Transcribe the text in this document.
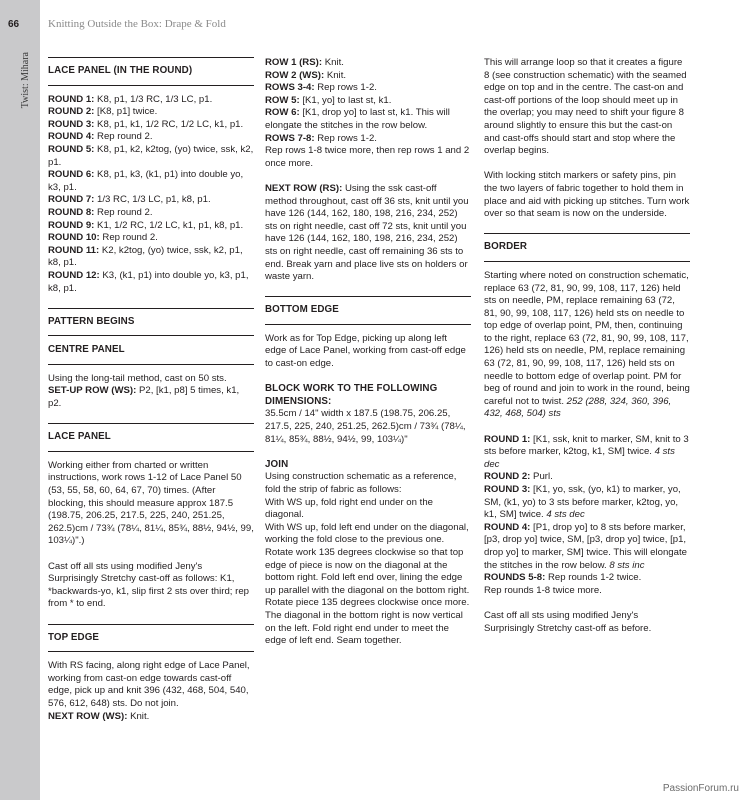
66
Twist: Mihara
Knitting Outside the Box: Drape & Fold
LACE PANEL (IN THE ROUND)

ROUND 1: K8, p1, 1/3 RC, 1/3 LC, p1.
ROUND 2: [K8, p1] twice.
ROUND 3: K8, p1, k1, 1/2 RC, 1/2 LC, k1, p1.
ROUND 4: Rep round 2.
ROUND 5: K8, p1, k2, k2tog, (yo) twice, ssk, k2, p1.
ROUND 6: K8, p1, k3, (k1, p1) into double yo, k3, p1.
ROUND 7: 1/3 RC, 1/3 LC, p1, k8, p1.
ROUND 8: Rep round 2.
ROUND 9: K1, 1/2 RC, 1/2 LC, k1, p1, k8, p1.
ROUND 10: Rep round 2.
ROUND 11: K2, k2tog, (yo) twice, ssk, k2, p1, k8, p1.
ROUND 12: K3, (k1, p1) into double yo, k3, p1, k8, p1.

PATTERN BEGINS
CENTRE PANEL

Using the long-tail method, cast on 50 sts.
SET-UP ROW (WS): P2, [k1, p8] 5 times, k1, p2.

LACE PANEL

Working either from charted or written instructions, work rows 1-12 of Lace Panel 50 (53, 55, 58, 60, 64, 67, 70) times. (After blocking, this should measure approx 187.5 (198.75, 206.25, 217.5, 225, 240, 251.25, 262.5)cm / 73¾ (78¼, 81¼, 85¾, 88½, 94½, 99, 103¼)".)

Cast off all sts using modified Jeny's Surprisingly Stretchy cast-off as follows: K1, *backwards-yo, k1, slip first 2 sts over third; rep from * to end.

TOP EDGE

With RS facing, along right edge of Lace Panel, working from cast-on edge towards cast-off edge, pick up and knit 396 (432, 468, 504, 540, 576, 612, 648) sts. Do not join.

NEXT ROW (WS): Knit.

ROW 1 (RS): Knit.
ROW 2 (WS): Knit.
ROWS 3-4: Rep rows 1-2.
ROW 5: [K1, yo] to last st, k1.
ROW 6: [K1, drop yo] to last st, k1. This will elongate the stitches in the row below.
ROWS 7-8: Rep rows 1-2.
Rep rows 1-8 twice more, then rep rows 1 and 2 once more.

NEXT ROW (RS): Using the ssk cast-off method throughout, cast off 36 sts, knit until you have 126 (144, 162, 180, 198, 216, 234, 252) sts on right needle, cast off 72 sts, knit until you have 126 (144, 162, 180, 198, 216, 234, 252) sts on right needle, cast off remaining 36 sts to end. Break yarn and place live sts on holders or waste yarn.

BOTTOM EDGE

Work as for Top Edge, picking up along left edge of Lace Panel, working from cast-off edge to cast-on edge.

BLOCK WORK TO THE FOLLOWING DIMENSIONS:

35.5cm / 14" width x 187.5 (198.75, 206.25, 217.5, 225, 240, 251.25, 262.5)cm / 73¾ (78¼, 81¼, 85¾, 88½, 94½, 99, 103¼)"

JOIN

Using construction schematic as a reference, fold the strip of fabric as follows:
With WS up, fold right end under on the diagonal.
With WS up, fold left end under on the diagonal, working the fold close to the previous one.
Rotate work 135 degrees clockwise so that top edge of piece is now on the diagonal at the bottom right. Fold left end over, lining the edge up parallel with the diagonal on the bottom right.
Rotate piece 135 degrees clockwise once more. The diagonal in the bottom right is now vertical on the left. Fold right end under to meet the edge of left end. Seam together.

This will arrange loop so that it creates a figure 8 (see construction schematic) with the seamed edge on top and in the centre. The cast-on and cast-off portions of the loop should meet up in the overlap; you may need to shift your figure 8 around slightly to ensure this but the cast-on and cast-offs should start and stop where the overlap begins.

With locking stitch markers or safety pins, pin the two layers of fabric together to hold them in place and aid with picking up stitches. Turn work over so that seam is now on the underside.

BORDER

Starting where noted on construction schematic, replace 63 (72, 81, 90, 99, 108, 117, 126) held sts on needle, PM, replace remaining 63 (72, 81, 90, 99, 108, 117, 126) held sts on needle to top edge of overlap point, PM, then, continuing to the right, replace 63 (72, 81, 90, 99, 108, 117, 126) held sts on needle, PM, replace remaining 63 (72, 81, 90, 99, 108, 117, 126) held sts on needle to bottom edge of overlap point. PM for beg of round and join to work in the round, being careful not to twist. 252 (288, 324, 360, 396, 432, 468, 504) sts

ROUND 1: [K1, ssk, knit to marker, SM, knit to 3 sts before marker, k2tog, k1, SM] twice. 4 sts dec
ROUND 2: Purl.
ROUND 3: [K1, yo, ssk, (yo, k1) to marker, yo, SM, (k1, yo) to 3 sts before marker, k2tog, yo, k1, SM] twice. 4 sts dec
ROUND 4: [P1, drop yo] to 8 sts before marker, [p3, drop yo] twice, SM, [p3, drop yo] twice, [p1, drop yo] to marker, SM] twice. This will elongate the stitches in the row below. 8 sts inc
ROUNDS 5-8: Rep rounds 1-2 twice.
Rep rounds 1-8 twice more.

Cast off all sts using modified Jeny's Surprisingly Stretchy cast-off as before.

PassionForum.ru
